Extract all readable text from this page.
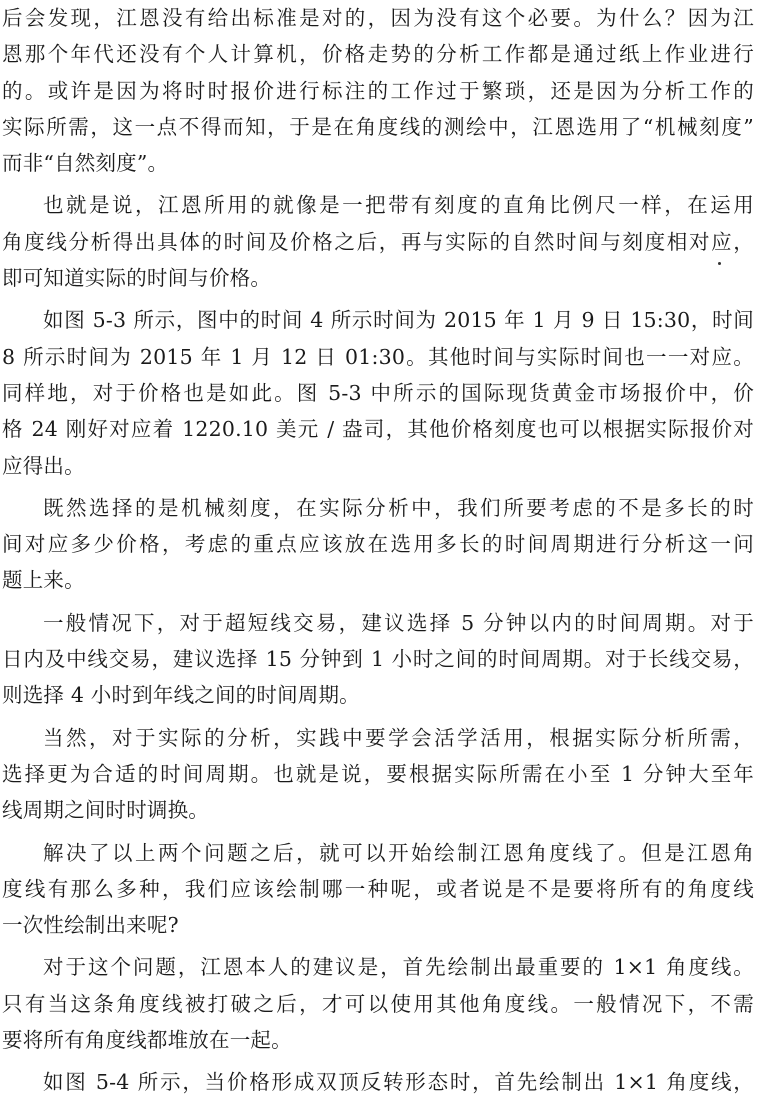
后会发现，江恩没有给出标准是对的，因为没有这个必要。为什么？因为江
恩那个年代还没有个人计算机，价格走势的分析工作都是通过纸上作业进行
的。或许是因为将时时报价进行标注的工作过于繁琐，还是因为分析工作的
实际所需，这一点不得而知，于是在角度线的测绘中，江恩选用了“机械刻度”
而非“自然刻度”。
也就是说，江恩所用的就像是一把带有刻度的直角比例尺一样，在运用
角度线分析得出具体的时间及价格之后，再与实际的自然时间与刻度相对应，
即可知道实际的时间与价格。
如图 5-3 所示，图中的时间 4 所示时间为 2015 年 1 月 9 日 15:30，时间
8 所示时间为 2015 年 1 月 12 日 01:30。其他时间与实际时间也一一对应。
同样地，对于价格也是如此。图 5-3 中所示的国际现货黄金市场报价中，价
格 24 刚好对应着 1220.10 美元 / 盎司，其他价格刻度也可以根据实际报价对
应得出。
既然选择的是机械刻度，在实际分析中，我们所要考虑的不是多长的时
间对应多少价格，考虑的重点应该放在选用多长的时间周期进行分析这一问
题上来。
一般情况下，对于超短线交易，建议选择 5 分钟以内的时间周期。对于
日内及中线交易，建议选择 15 分钟到 1 小时之间的时间周期。对于长线交易，
则选择 4 小时到年线之间的时间周期。
当然，对于实际的分析，实践中要学会活学活用，根据实际分析所需，
选择更为合适的时间周期。也就是说，要根据实际所需在小至 1 分钟大至年
线周期之间时时调换。
解决了以上两个问题之后，就可以开始绘制江恩角度线了。但是江恩角
度线有那么多种，我们应该绘制哪一种呢，或者说是不是要将所有的角度线
一次性绘制出来呢?
对于这个问题，江恩本人的建议是，首先绘制出最重要的 1×1 角度线。
只有当这条角度线被打破之后，才可以使用其他角度线。一般情况下，不需
要将所有角度线都堆放在一起。
如图 5-4 所示，当价格形成双顶反转形态时，首先绘制出 1×1 角度线，
